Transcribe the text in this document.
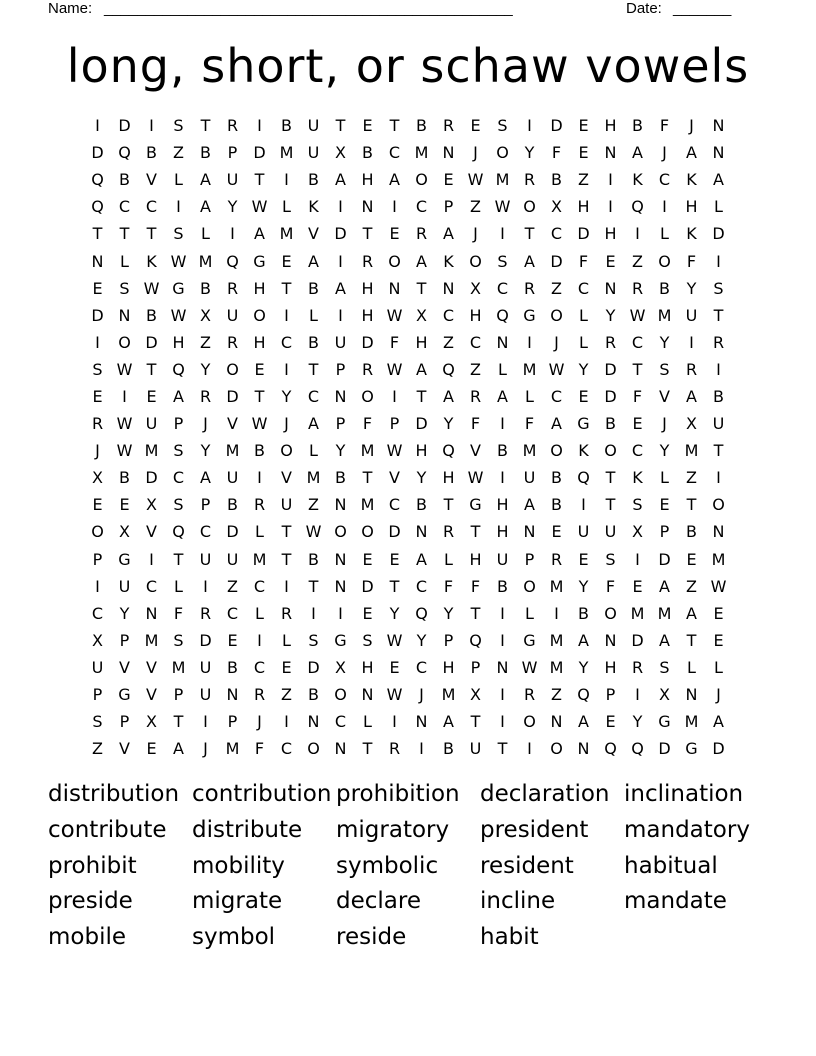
Name: _________________________________________________	Date: _______
long, short, or schaw vowels
I	D	I	S	T	R	I	B U	T	E	T	B R	E	S	I	D E H B	F	J	N
D Q B	Z	B	P	D M U X	B C M N	J	O Y	F	E N A	J	A N
Q B	V	L	A U	T	I	B	A H A O E W M R B	Z	I	K	C	K	A
Q C C	I	A	Y W L	K	I	N	I	C	P	Z W O X H	I	Q	I	H	L
T	T	T	S	L	I	A M V D T	E	R A	J	I	T	C D H	I	L	K D
N	L	K W M Q G E	A	I	R O A	K O S	A D	F	E	Z O	F	I
E	S W G B R H	T	B	A H N	T	N X C R Z C N R B	Y	S
D N B W X U O	I	L	I	H W X C H Q G O	L	Y W M U	T
I	O D H Z R H C B U D	F	H Z C N	I	J	L	R C	Y	I	R
S W T Q Y O E	I	T	P	R W A Q Z	L M W Y D T	S	R	I
E	I	E	A R D T	Y	C N O	I	T	A R A	L	C	E D	F	V	A	B
R W U	P	J	V W	J	A	P	F	P	D Y	F	I	F	A G B	E	J	X U
J	W M S	Y M B O	L	Y M W H Q V	B M O K O C	Y M T
X	B D C A U	I	V M B	T	V	Y	H W	I	U B Q T	K	L	Z	I
E	E	X	S	P	B R U Z N M C B	T G H A	B	I	T	S	E	T O
O X	V Q C D	L	T W O O D N R	T	H N E	U U X	P	B N
P G	I	T	U U M T	B N E	E	A	L	H U	P	R	E	S	I	D E M
I	U C	L	I	Z C	I	T	N D T	C	F	F	B O M Y	F	E	A	Z W
C	Y	N	F	R C	L	R	I	I	E	Y Q Y	T	I	L	I	B O M M A	E
X	P M S D E	I	L	S G S W Y	P Q	I	G M A N D A	T	E
U V	V M U B C	E D X H E	C H	P	N W M Y	H R	S	L	L
P G V	P	U N R Z	B O N W	J	M X	I	R Z Q P	I	X N	J
S	P	X	T	I	P	J	I	N C	L	I	N A	T	I	O N A	E	Y G M A
Z	V	E	A	J	M F	C O N	T	R	I	B U	T	I	O N Q Q D G D
distribution contribution prohibition declaration inclination
contribute	distribute	migratory	president	mandatory
prohibit	mobility	symbolic	resident	habitual
preside	migrate	declare	incline	mandate
mobile	symbol	reside	habit
